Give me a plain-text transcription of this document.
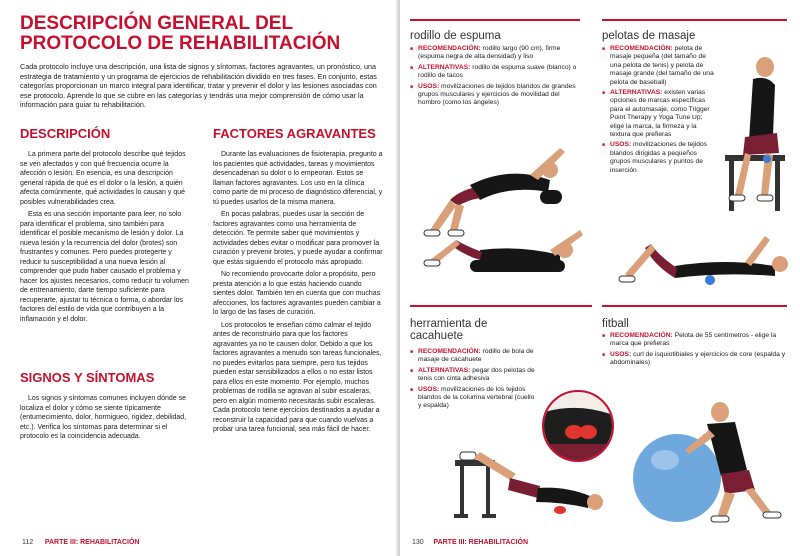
DESCRIPCIÓN GENERAL DEL PROTOCOLO DE REHABILITACIÓN
Cada protocolo incluye una descripción, una lista de signos y síntomas, factores agravantes, un pronóstico, una estrategia de tratamiento y un programa de ejercicios de rehabilitación dividido en tres fases. En conjunto, estas categorías proporcionan un marco integral para identificar, tratar y prevenir el dolor y las lesiones asociadas con ese protocolo. Aprende lo que se cubre en las categorías y tendrás una mejor comprensión de cómo usar la información para guiar tu rehabilitación.
DESCRIPCIÓN

La primera parte del protocolo describe qué tejidos se ven afectados y con qué frecuencia ocurre la afección o lesión. En esencia, es una descripción general rápida de qué es el dolor o la lesión, a quién afecta comúnmente, qué actividades lo causan y qué posibles vulnerabilidades crea.

Esta es una sección importante para leer, no solo para identificar el problema, sino también para identificar el posible mecanismo de lesión y dolor. La nueva lesión y la recurrencia del dolor (brotes) son frustrantes y comunes. Pero puedes protegerte y reducir tu susceptibilidad a una nueva lesión al comprender qué pudo haber causado el problema y hacer los ajustes necesarios, como reducir tu volumen de entrenamiento, darte tiempo suficiente para recuperarte, ajustar tu técnica o forma, o abordar los factores del estilo de vida que contribuyen a la inflamación y el dolor.

SIGNOS Y SÍNTOMAS

Los signos y síntomas comunes incluyen dónde se localiza el dolor y cómo se siente típicamente (entumecimiento, dolor, hormigueo, rigidez, debilidad, etc.). Verifica los síntomas para determinar si el protocolo es la coincidencia adecuada.

FACTORES AGRAVANTES

Durante las evaluaciones de fisioterapia, pregunto a los pacientes qué actividades, tareas y movimientos desencadenan su dolor o lo empeoran. Estos se llaman factores agravantes. Los uso en la clínica como parte de mi proceso de diagnóstico diferencial, y tú puedes usarlos de la misma manera.

En pocas palabras, puedes usar la sección de factores agravantes como una herramienta de detección. Te permite saber qué movimientos y actividades debes evitar o modificar para promover la curación y prevenir brotes, y puede ayudar a confirmar que estás siguiendo el protocolo más apropiado.

No recomiendo provocarte dolor a propósito, pero presta atención a lo que estás haciendo cuando sientes dolor. También ten en cuenta que con muchas afecciones, los factores agravantes pueden cambiar a lo largo de las fases de curación.

Los protocolos te enseñan cómo calmar el tejido antes de reconstruirlo para que los factores agravantes ya no te causen dolor. Debido a que los factores agravantes a menudo son tareas funcionales, no puedes evitarlos para siempre, pero tus tejidos pueden estar sensibilizados a ellos o no estar listos para ellos en este momento. Por ejemplo, muchos problemas de rodilla se agravan al subir escaleras, pero en algún momento necesitarás subir escaleras. Cada protocolo tiene ejercicios destinados a ayudar a reconstruir la capacidad para que cuando vuelvas a probar una tarea funcional, sea más fácil de hacer.

112 PARTE III: REHABILITACIÓN
rodillo de espuma
■ RECOMENDACIÓN: rodillo largo (90 cm), firme (espuma negra de alta densidad) y liso
■ ALTERNATIVAS: rodillo de espuma suave (blanco) o rodillo de tacos
■ USOS: movilizaciones de tejidos blandos de grandes grupos musculares y ejercicios de movilidad del hombro (como los ángeles)
pelotas de masaje
■ RECOMENDACIÓN: pelota de masaje pequeña (del tamaño de una pelota de tenis) y pelota de masaje grande (del tamaño de una pelota de baseball)
■ ALTERNATIVAS: existen varias opciones de marcas específicas para el automasaje, como Trigger Point Therapy y Yoga Tune Up; elige la marca, la firmeza y la textura que prefieras
■ USOS: movilizaciones de tejidos blandos dirigidas a pequeños grupos musculares y puntos de inserción
herramienta de
cacahuete
■ RECOMENDACIÓN: rodillo de bola de masaje de cacahuete
■ ALTERNATIVAS: pegar dos pelotas de tenis con cinta adhesiva
■ USOS: movilizaciones de los tejidos blandos de la columna vertebral (cuello y espalda)
fitball
■ RECOMENDACIÓN: Pelota de 55 centímetros - elige la marca que prefieras
■ USOS: curl de isquiotibiales y ejercicios de core (espalda y abdominales)
130 PARTE III: REHABILITACIÓN
